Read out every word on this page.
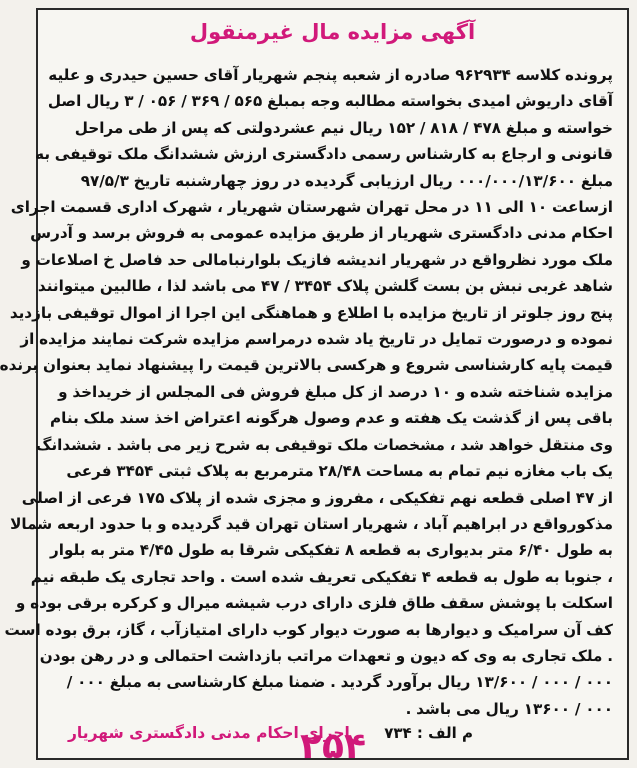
آگهی مزایده مال غیرمنقول
پرونده کلاسه ۹۶۲۹۳۴ صادره از شعبه پنجم شهریار آقای حسین حیدری و علیه
آقای داریوش امیدی بخواسته مطالبه وجه بمبلغ ۵۶۵ / ۳۶۹ / ۰۵۶ / ۳ ریال اصل
خواسته و مبلغ ۴۷۸ / ۸۱۸ / ۱۵۲ ریال نیم عشردولتی که پس از طی مراحل
قانونی و ارجاع به کارشناس رسمی دادگستری ارزش ششدانگ ملک توقیفی به
مبلغ ۰۰۰/۰۰۰/۱۳/۶۰۰ ریال ارزیابی گردیده در روز چهارشنبه تاریخ ۹۷/۵/۳
ازساعت ۱۰ الی ۱۱ در محل تهران شهرستان شهریار ، شهرک اداری قسمت اجرای
احکام مدنی دادگستری شهریار از طریق مزایده عمومی به فروش برسد و آدرس
ملک مورد نظرواقع در شهریار اندیشه فازیک بلوارنبامالی حد فاصل خ اصلاعات و
شاهد غربی نبش بن بست گلشن پلاک ۳۴۵۴ / ۴۷ می باشد لذا ، طالبین میتوانند
پنج روز جلوتر از تاریخ مزایده با اطلاع و هماهنگی این اجرا از اموال توقیفی بازدید
نموده و درصورت تمایل در تاریخ یاد شده درمراسم مزایده شرکت نمایند مزایده از
قیمت پایه کارشناسی شروع و هرکسی بالاترین قیمت را پیشنهاد نماید بعنوان برنده
مزایده شناخته شده و ۱۰ درصد از کل مبلغ فروش فی المجلس از خریداخذ و
باقی پس از گذشت یک هفته و عدم وصول هرگونه اعتراض اخذ سند ملک بنام
وی منتقل خواهد شد ، مشخصات ملک توقیفی به شرح زیر می باشد . ششدانگ
یک باب مغازه نیم تمام به مساحت ۲۸/۴۸ مترمربع به پلاک ثبتی ۳۴۵۴ فرعی
از ۴۷ اصلی قطعه نهم تفکیکی ، مفروز و مجزی شده از پلاک ۱۷۵ فرعی از اصلی
مذکورواقع در ابراهیم آباد ، شهریار استان تهران قید گردیده و با حدود اربعه شمالا
به طول ۶/۴۰ متر بدیواری به قطعه ۸ تفکیکی شرقا به طول ۴/۴۵ متر به بلوار
، جنوبا به طول به قطعه ۴ تفکیکی تعریف شده است . واحد تجاری یک طبقه نیم
اسکلت با پوشش سقف طاق فلزی دارای درب شیشه میرال و کرکره برقی بوده و
کف آن سرامیک و دیوارها به صورت دیوار کوب دارای امتیازآب ، گاز، برق بوده است
. ملک تجاری به وی که دیون و تعهدات مراتب بازداشت احتمالی و در رهن بودن
۰۰۰ / ۰۰۰ / ۱۳/۶۰۰ ریال برآورد گردید . ضمنا مبلغ کارشناسی به مبلغ ۰۰۰ /
۰۰۰ / ۱۳۶۰۰ ریال می باشد .
م الف : ۷۳۴
اجرای احکام مدنی دادگستری شهریار
۲۵۴
